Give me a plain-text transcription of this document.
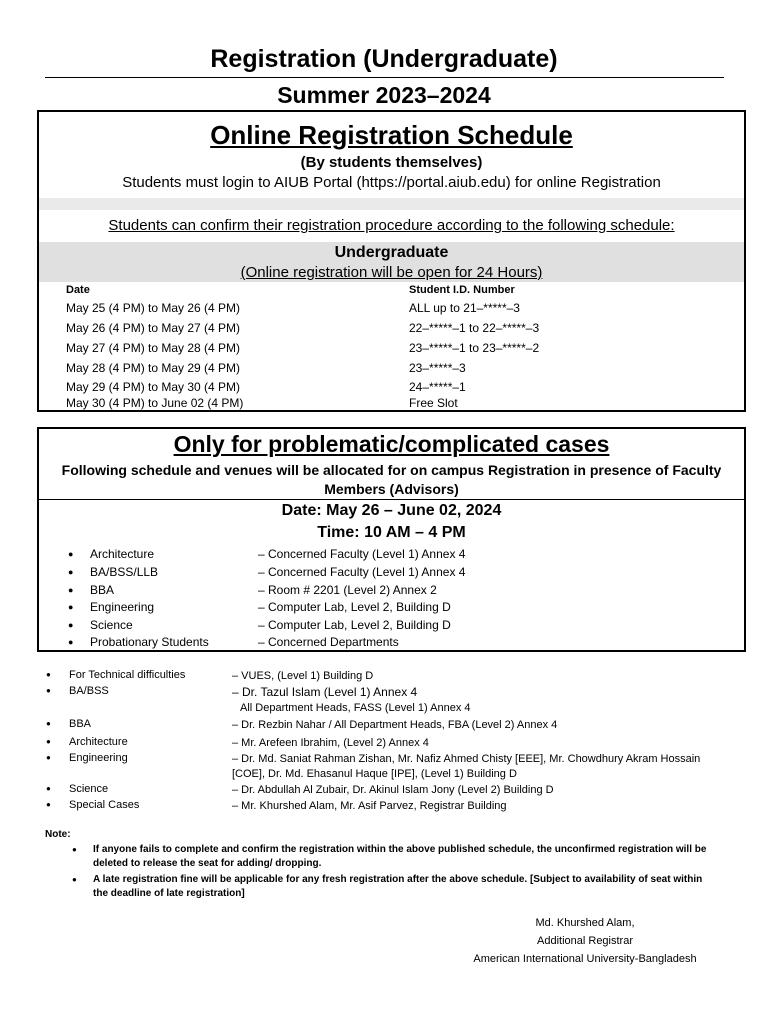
Registration (Undergraduate)
Summer 2023–2024
Online Registration Schedule
(By students themselves)
Students must login to AIUB Portal (https://portal.aiub.edu) for online Registration
Students can confirm their registration procedure according to the following schedule:
Undergraduate
(Online registration will be open for 24 Hours)
Date	Student I.D. Number
May 25 (4 PM) to May 26 (4 PM)	ALL up to 21–*****–3
May 26 (4 PM) to May 27 (4 PM)	22–*****–1 to 22–*****–3
May 27 (4 PM) to May 28 (4 PM)	23–*****–1 to 23–*****–2
May 28 (4 PM) to May 29 (4 PM)	23–*****–3
May 29 (4 PM) to May 30 (4 PM)	24–*****–1
May 30 (4 PM) to June 02 (4 PM)	Free Slot
Only for problematic/complicated cases
Following schedule and venues will be allocated for on campus Registration in presence of Faculty Members (Advisors)
Date: May 26 – June 02, 2024
Time: 10 AM – 4 PM
● Architecture	– Concerned Faculty (Level 1) Annex 4
● BA/BSS/LLB	– Concerned Faculty (Level 1) Annex 4
● BBA	– Room # 2201 (Level 2) Annex 2
● Engineering	– Computer Lab, Level 2, Building D
● Science	– Computer Lab, Level 2, Building D
● Probationary Students	– Concerned Departments
● For Technical difficulties	– VUES, (Level 1) Building D
● BA/BSS	– Dr. Tazul Islam (Level 1) Annex 4
All Department Heads, FASS (Level 1) Annex 4
● BBA	– Dr. Rezbin Nahar / All Department Heads, FBA (Level 2) Annex 4
● Architecture	– Mr. Arefeen Ibrahim, (Level 2) Annex 4
● Engineering	– Dr. Md. Saniat Rahman Zishan, Mr. Nafiz Ahmed Chisty [EEE], Mr. Chowdhury Akram Hossain [COE], Dr. Md. Ehasanul Haque [IPE], (Level 1) Building D
● Science	– Dr. Abdullah Al Zubair, Dr. Akinul Islam Jony (Level 2) Building D
● Special Cases	– Mr. Khurshed Alam, Mr. Asif Parvez, Registrar Building
Note:
● If anyone fails to complete and confirm the registration within the above published schedule, the unconfirmed registration will be deleted to release the seat for adding/ dropping.
● A late registration fine will be applicable for any fresh registration after the above schedule. [Subject to availability of seat within the deadline of late registration]
Md. Khurshed Alam,
Additional Registrar
American International University-Bangladesh
